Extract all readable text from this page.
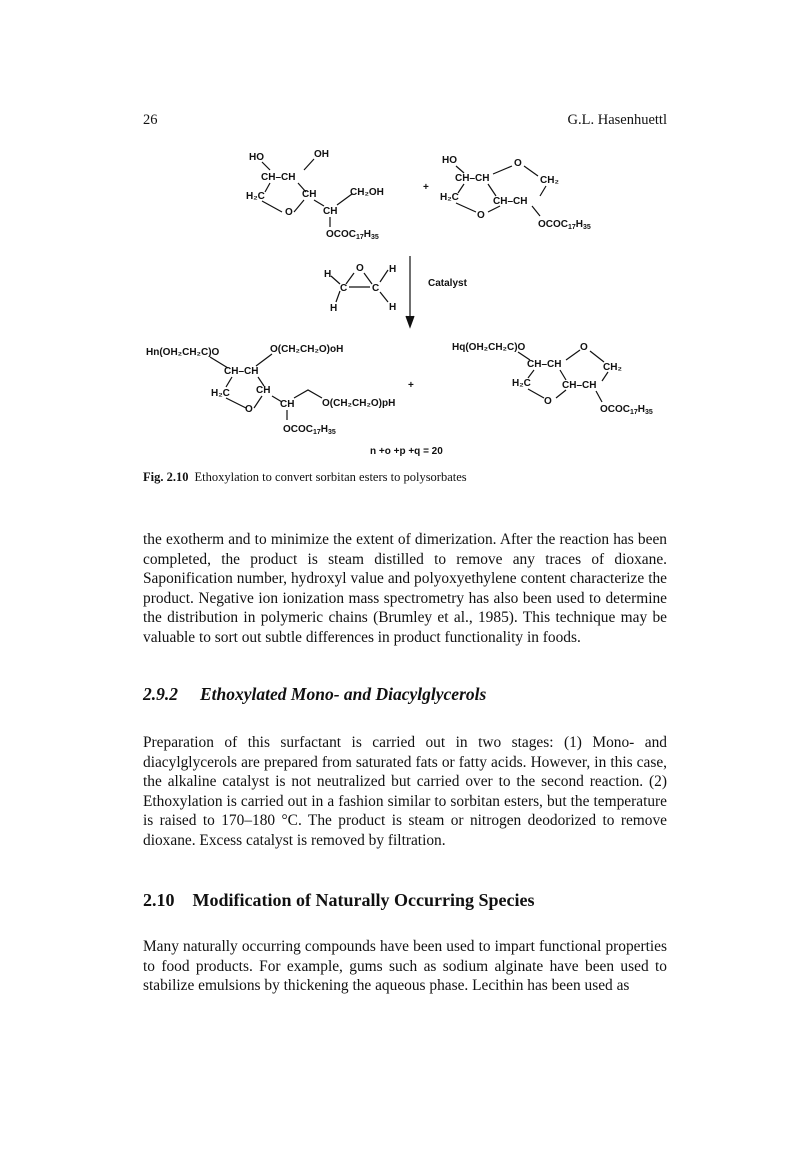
26	G.L. Hasenhuettl
HO	OH
CH–CH
H₂C	CH
O	CH
CH₂OH
$OCOC_{17}H_{35}$
+
HO
CH–CH
O
CH₂
H₂C	CH–CH
O
$OCOC_{17}H_{35}$
O
C C
H
H
H
H
Catalyst
Hn(OH₂CH₂C)O	O(CH₂CH₂O)oH
CH–CH
H₂C	CH
O	CH	O(CH₂CH₂O)pH
$OCOC_{17}H_{35}$
+
Hq(OH₂CH₂C)O
CH–CH
O
CH₂
H₂C	CH–CH
O
$OCOC_{17}H_{35}$
n +o +p +q = 20
Fig. 2.10 Ethoxylation to convert sorbitan esters to polysorbates

the exotherm and to minimize the extent of dimerization. After the reaction has been completed, the product is steam distilled to remove any traces of dioxane. Saponification number, hydroxyl value and polyoxyethylene content characterize the product. Negative ion ionization mass spectrometry has also been used to determine the distribution in polymeric chains (Brumley et al., 1985). This technique may be valuable to sort out subtle differences in product functionality in foods.

2.9.2 Ethoxylated Mono- and Diacylglycerols

Preparation of this surfactant is carried out in two stages: (1) Mono- and diacylglycerols are prepared from saturated fats or fatty acids. However, in this case, the alkaline catalyst is not neutralized but carried over to the second reaction. (2) Ethoxylation is carried out in a fashion similar to sorbitan esters, but the temperature is raised to 170–180 °C. The product is steam or nitrogen deodorized to remove dioxane. Excess catalyst is removed by filtration.

2.10 Modification of Naturally Occurring Species

Many naturally occurring compounds have been used to impart functional properties to food products. For example, gums such as sodium alginate have been used to stabilize emulsions by thickening the aqueous phase. Lecithin has been used as
